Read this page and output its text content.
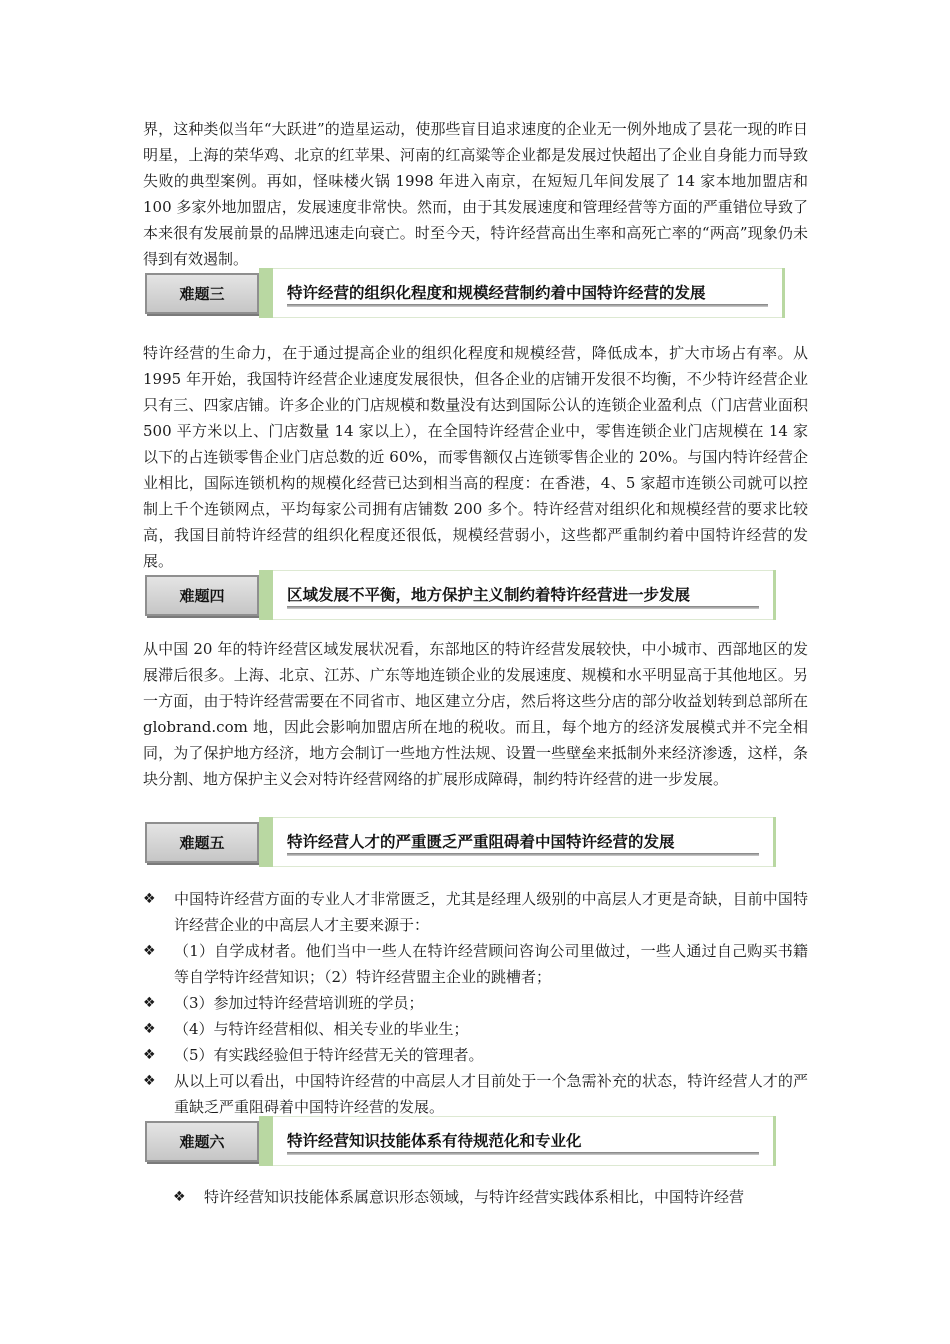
界，这种类似当年“大跃进”的造星运动，使那些盲目追求速度的企业无一例外地成了昙花一现的昨日明星，上海的荣华鸡、北京的红苹果、河南的红高粱等企业都是发展过快超出了企业自身能力而导致失败的典型案例。再如，怪味楼火锅 1998 年进入南京，在短短几年间发展了 14 家本地加盟店和 100 多家外地加盟店，发展速度非常快。然而，由于其发展速度和管理经营等方面的严重错位导致了本来很有发展前景的品牌迅速走向衰亡。时至今天，特许经营高出生率和高死亡率的“两高”现象仍未得到有效遏制。

难题三	特许经营的组织化程度和规模经营制约着中国特许经营的发展

特许经营的生命力，在于通过提高企业的组织化程度和规模经营，降低成本，扩大市场占有率。从 1995 年开始，我国特许经营企业速度发展很快，但各企业的店铺开发很不均衡，不少特许经营企业只有三、四家店铺。许多企业的门店规模和数量没有达到国际公认的连锁企业盈利点（门店营业面积 500 平方米以上、门店数量 14 家以上），在全国特许经营企业中，零售连锁企业门店规模在 14 家以下的占连锁零售企业门店总数的近 60%，而零售额仅占连锁零售企业的 20%。与国内特许经营企业相比，国际连锁机构的规模化经营已达到相当高的程度：在香港，4、5 家超市连锁公司就可以控制上千个连锁网点，平均每家公司拥有店铺数 200 多个。特许经营对组织化和规模经营的要求比较高，我国目前特许经营的组织化程度还很低，规模经营弱小，这些都严重制约着中国特许经营的发展。

难题四	区域发展不平衡，地方保护主义制约着特许经营进一步发展

从中国 20 年的特许经营区域发展状况看，东部地区的特许经营发展较快，中小城市、西部地区的发展滞后很多。上海、北京、江苏、广东等地连锁企业的发展速度、规模和水平明显高于其他地区。另一方面，由于特许经营需要在不同省市、地区建立分店，然后将这些分店的部分收益划转到总部所在 globrand.com 地，因此会影响加盟店所在地的税收。而且，每个地方的经济发展模式并不完全相同，为了保护地方经济，地方会制订一些地方性法规、设置一些壁垒来抵制外来经济渗透，这样，条块分割、地方保护主义会对特许经营网络的扩展形成障碍，制约特许经营的进一步发展。

难题五	特许经营人才的严重匮乏严重阻碍着中国特许经营的发展
❖ 中国特许经营方面的专业人才非常匮乏，尤其是经理人级别的中高层人才更是奇缺，目前中国特许经营企业的中高层人才主要来源于：
❖ （1）自学成材者。他们当中一些人在特许经营顾问咨询公司里做过，一些人通过自己购买书籍等自学特许经营知识；（2）特许经营盟主企业的跳槽者；
❖ （3）参加过特许经营培训班的学员；
❖ （4）与特许经营相似、相关专业的毕业生；
❖ （5）有实践经验但于特许经营无关的管理者。
❖ 从以上可以看出，中国特许经营的中高层人才目前处于一个急需补充的状态，特许经营人才的严重缺乏严重阻碍着中国特许经营的发展。
难题六	特许经营知识技能体系有待规范化和专业化
❖ 特许经营知识技能体系属意识形态领域，与特许经营实践体系相比，中国特许经营
